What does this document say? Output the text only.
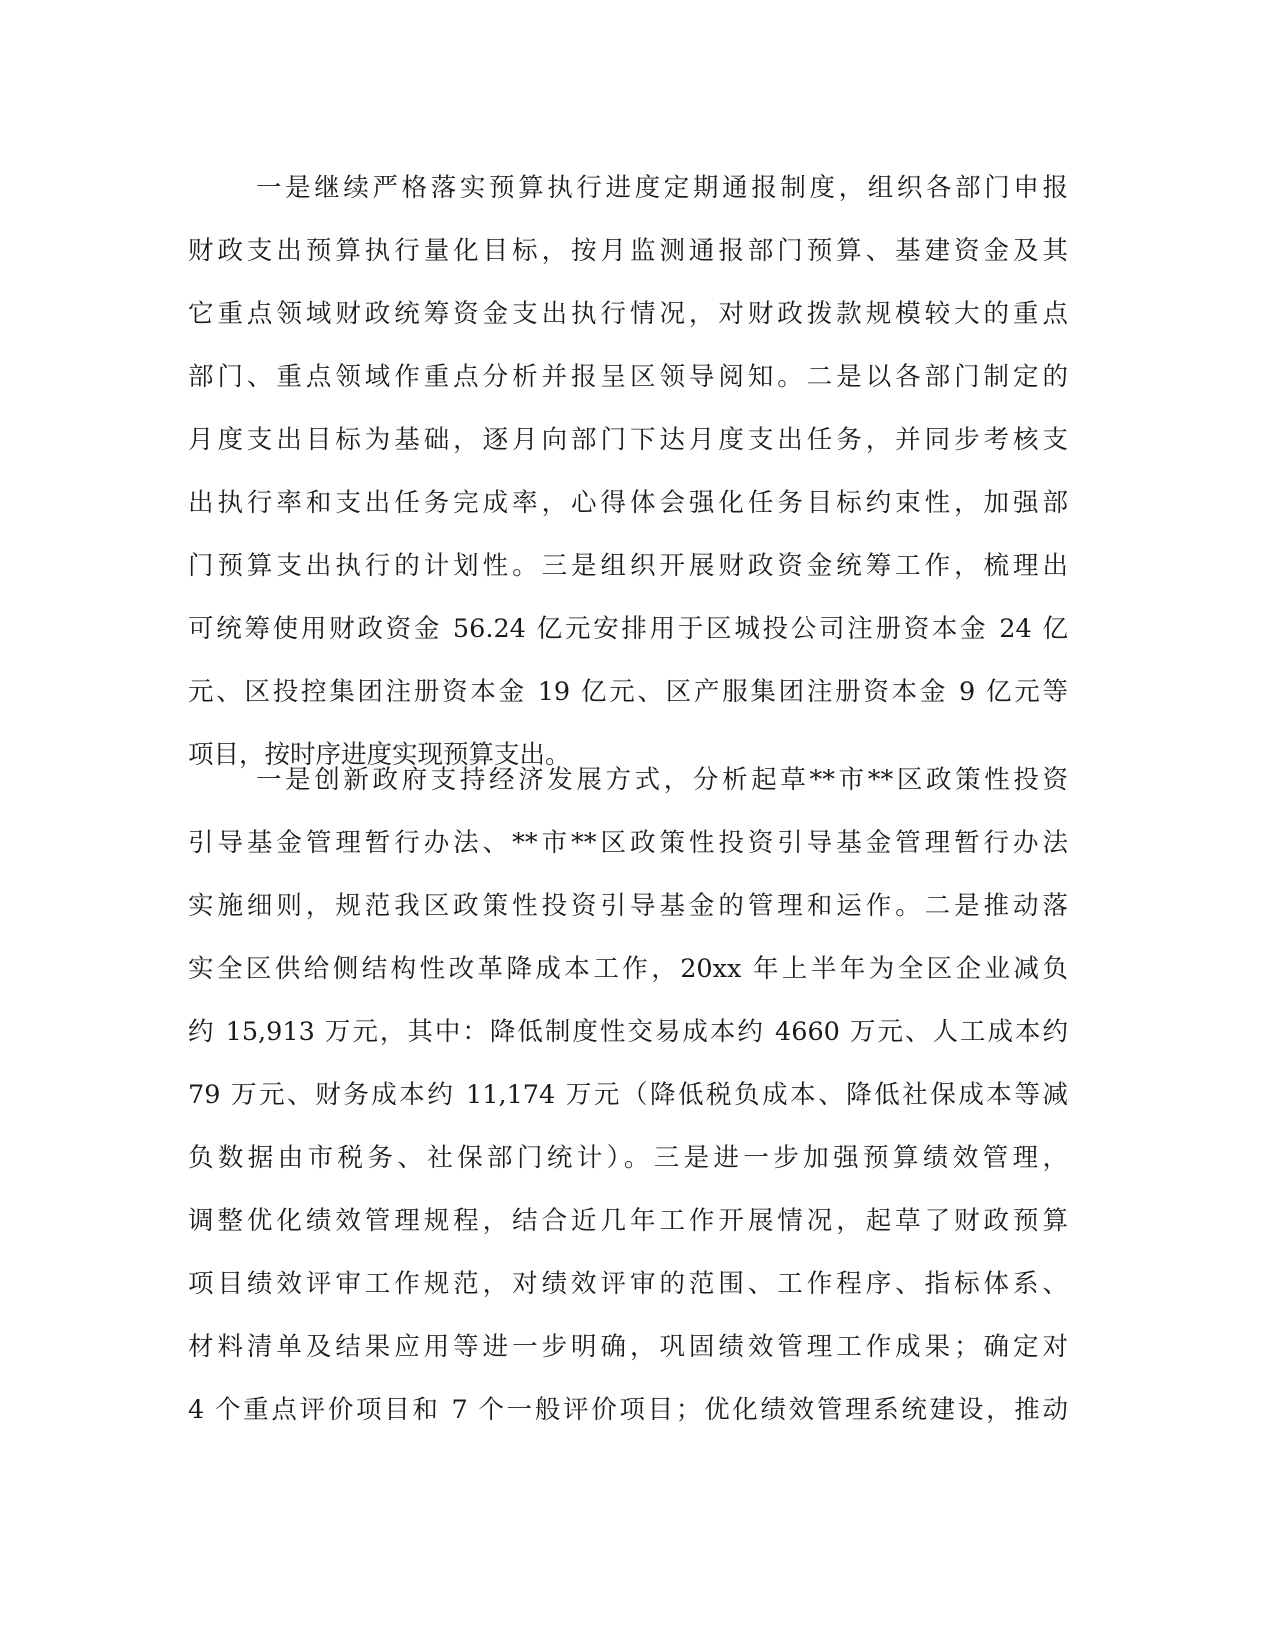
一是继续严格落实预算执行进度定期通报制度，组织各部门申报
财政支出预算执行量化目标，按月监测通报部门预算、基建资金及其
它重点领域财政统筹资金支出执行情况，对财政拨款规模较大的重点
部门、重点领域作重点分析并报呈区领导阅知。二是以各部门制定的
月度支出目标为基础，逐月向部门下达月度支出任务，并同步考核支
出执行率和支出任务完成率，心得体会强化任务目标约束性，加强部
门预算支出执行的计划性。三是组织开展财政资金统筹工作，梳理出
可统筹使用财政资金 56.24 亿元安排用于区城投公司注册资本金 24 亿
元、区投控集团注册资本金 19 亿元、区产服集团注册资本金 9 亿元等
项目，按时序进度实现预算支出。
一是创新政府支持经济发展方式，分析起草**市**区政策性投资
引导基金管理暂行办法、**市**区政策性投资引导基金管理暂行办法
实施细则，规范我区政策性投资引导基金的管理和运作。二是推动落
实全区供给侧结构性改革降成本工作，20xx 年上半年为全区企业减负
约 15,913 万元，其中：降低制度性交易成本约 4660 万元、人工成本约
79 万元、财务成本约 11,174 万元（降低税负成本、降低社保成本等减
负数据由市税务、社保部门统计）。三是进一步加强预算绩效管理，
调整优化绩效管理规程，结合近几年工作开展情况，起草了财政预算
项目绩效评审工作规范，对绩效评审的范围、工作程序、指标体系、
材料清单及结果应用等进一步明确，巩固绩效管理工作成果；确定对
4 个重点评价项目和 7 个一般评价项目；优化绩效管理系统建设，推动
